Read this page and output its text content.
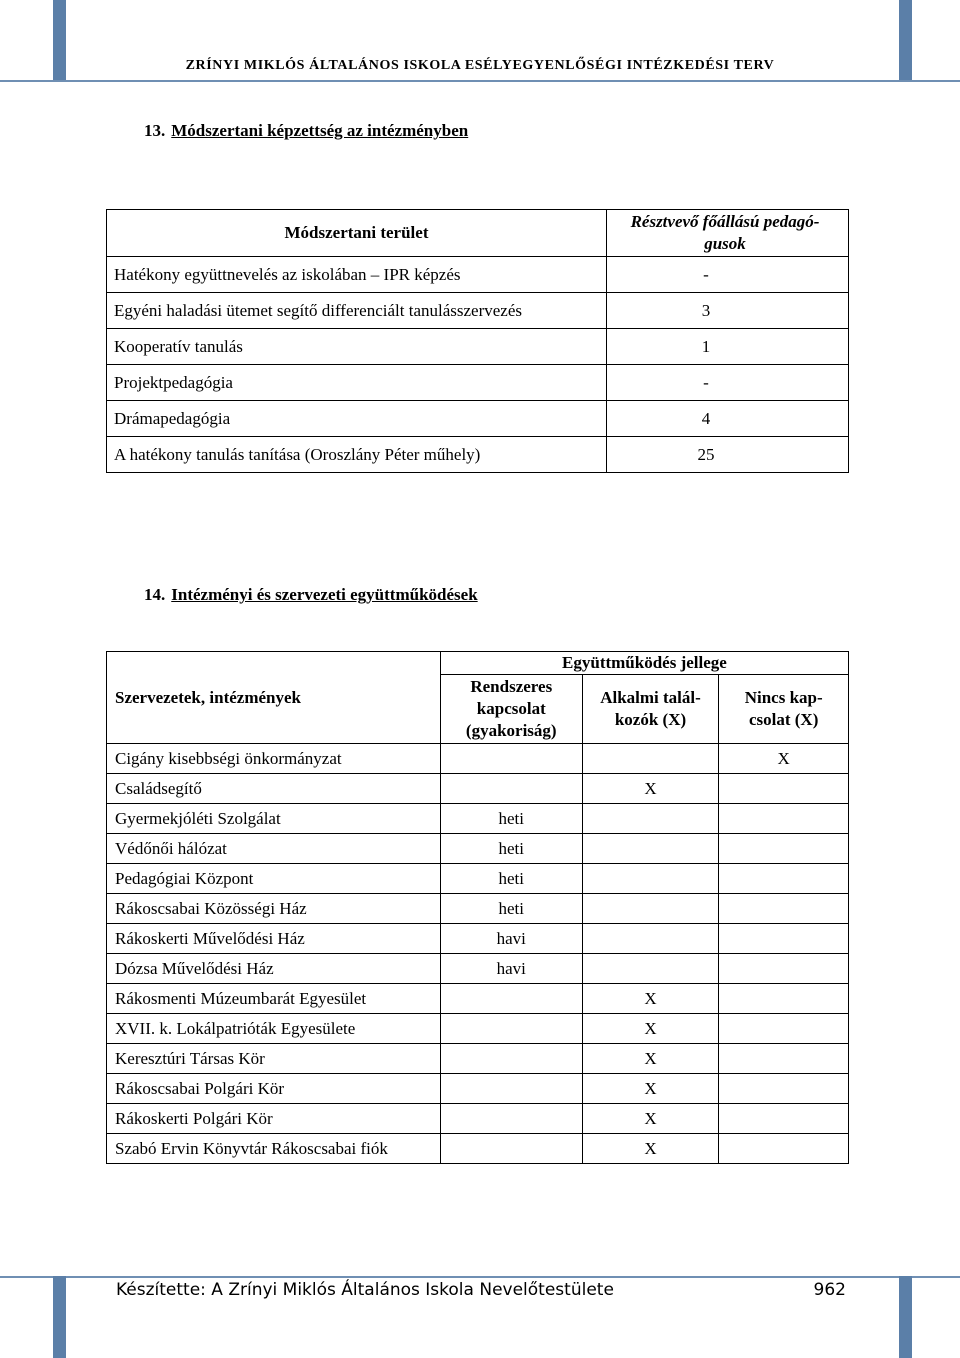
ZRÍNYI MIKLÓS ÁLTALÁNOS ISKOLA ESÉLYEGYENLŐSÉGI INTÉZKEDÉSI TERV
13. Módszertani képzettség az intézményben
Módszertani terület	Résztvevő főállású pedagó-gusok
Hatékony együttnevelés az iskolában – IPR képzés	-
Egyéni haladási ütemet segítő differenciált tanulásszervezés	3
Kooperatív tanulás	1
Projektpedagógia	-
Drámapedagógia	4
A hatékony tanulás tanítása (Oroszlány Péter műhely)	25
14. Intézményi és szervezeti együttműködések
Szervezetek, intézmények	Együttműködés jellege		
	Rendszeres kapcsolat (gyakoriság)	Alkalmi talál-kozók (X)	Nincs kap-csolat (X)
Cigány kisebbségi önkormányzat			X
Családsegítő		X	
Gyermekjóléti Szolgálat	heti		
Védőnői hálózat	heti		
Pedagógiai Központ	heti		
Rákoscsabai Közösségi Ház	heti		
Rákoskerti Művelődési Ház	havi		
Dózsa Művelődési Ház	havi		
Rákosmenti Múzeumbarát Egyesület		X	
XVII. k. Lokálpatrióták Egyesülete		X	
Keresztúri Társas Kör		X	
Rákoscsabai Polgári Kör		X	
Rákoskerti Polgári Kör		X	
Szabó Ervin Könyvtár Rákoscsabai fiók		X	
Készítette: A Zrínyi Miklós Általános Iskola Nevelőtestülete	962
